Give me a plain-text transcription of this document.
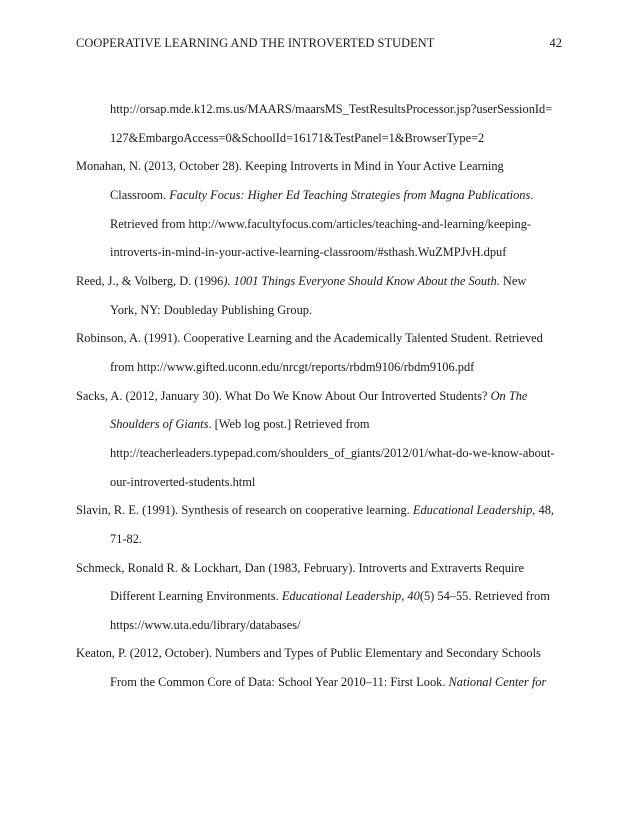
COOPERATIVE LEARNING AND THE INTROVERTED STUDENT	42
http://orsap.mde.k12.ms.us/MAARS/maarsMS_TestResultsProcessor.jsp?userSessionId=
127&EmbargoAccess=0&SchoolId=16171&TestPanel=1&BrowserType=2
Monahan, N. (2013, October 28). Keeping Introverts in Mind in Your Active Learning
Classroom. Faculty Focus: Higher Ed Teaching Strategies from Magna Publications.
Retrieved from http://www.facultyfocus.com/articles/teaching-and-learning/keeping-
introverts-in-mind-in-your-active-learning-classroom/#sthash.WuZMPJvH.dpuf
Reed, J., & Volberg, D. (1996). 1001 Things Everyone Should Know About the South. New
York, NY: Doubleday Publishing Group.
Robinson, A. (1991). Cooperative Learning and the Academically Talented Student. Retrieved
from http://www.gifted.uconn.edu/nrcgt/reports/rbdm9106/rbdm9106.pdf
Sacks, A. (2012, January 30). What Do We Know About Our Introverted Students? On The
Shoulders of Giants. [Web log post.] Retrieved from
http://teacherleaders.typepad.com/shoulders_of_giants/2012/01/what-do-we-know-about-
our-introverted-students.html
Slavin, R. E. (1991). Synthesis of research on cooperative learning. Educational Leadership, 48,
71-82.
Schmeck, Ronald R. & Lockhart, Dan (1983, February). Introverts and Extraverts Require
Different Learning Environments. Educational Leadership, 40(5) 54–55. Retrieved from
https://www.uta.edu/library/databases/
Keaton, P. (2012, October). Numbers and Types of Public Elementary and Secondary Schools
From the Common Core of Data: School Year 2010–11: First Look. National Center for
